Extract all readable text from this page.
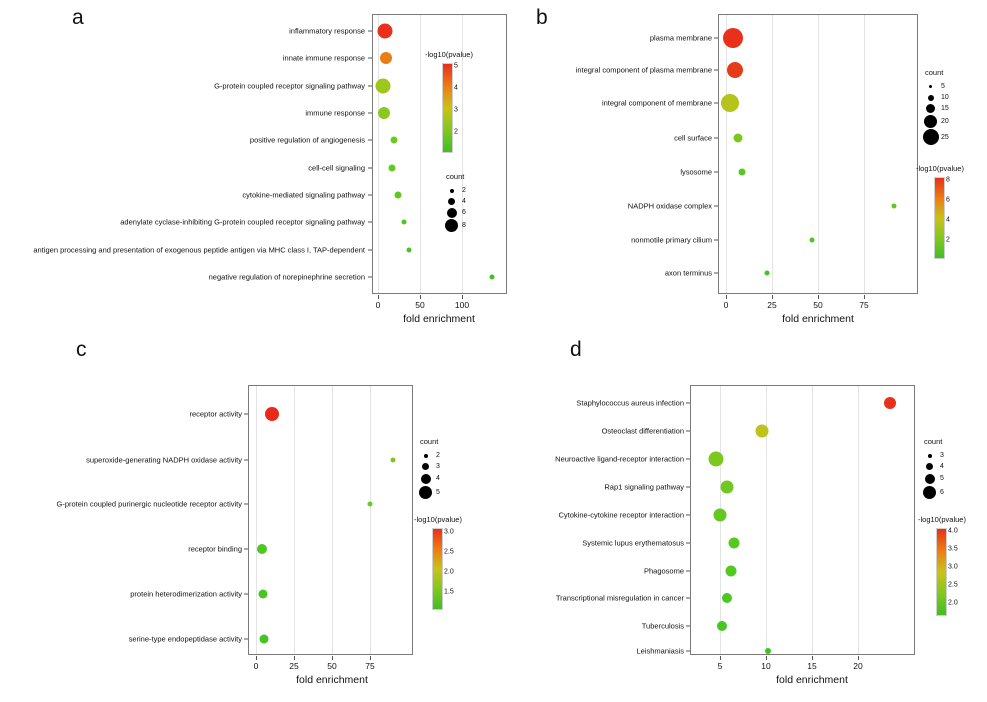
a
inflammatory response
innate immune response
G-protein coupled receptor signaling pathway
immune response
positive regulation of angiogenesis
cell-cell signaling
cytokine-mediated signaling pathway
adenylate cyclase-inhibiting G-protein coupled receptor signaling pathway
antigen processing and presentation of exogenous peptide antigen via MHC class I, TAP-dependent
negative regulation of norepinephrine secretion
0	50	100
fold enrichment
-log10(pvalue)
5
4
3
2
count
2
4
6
8
b
plasma membrane
integral component of plasma membrane
integral component of membrane
cell surface
lysosome
NADPH oxidase complex
nonmotile primary cilium
axon terminus
0	25	50	75
fold enrichment
count
5
10
15
20
25
-log10(pvalue)
8
6
4
2
c
receptor activity
superoxide-generating NADPH oxidase activity
G-protein coupled purinergic nucleotide receptor activity
receptor binding
protein heterodimerization activity
serine-type endopeptidase activity
0	25	50	75
fold enrichment
count
2
3
4
5
-log10(pvalue)
3.0
2.5
2.0
1.5
d
Staphylococcus aureus infection
Osteoclast differentiation
Neuroactive ligand-receptor interaction
Rap1 signaling pathway
Cytokine-cytokine receptor interaction
Systemic lupus erythematosus
Phagosome
Transcriptional misregulation in cancer
Tuberculosis
Leishmaniasis
5	10	15	20
fold enrichment
count
3
4
5
6
-log10(pvalue)
4.0
3.5
3.0
2.5
2.0
